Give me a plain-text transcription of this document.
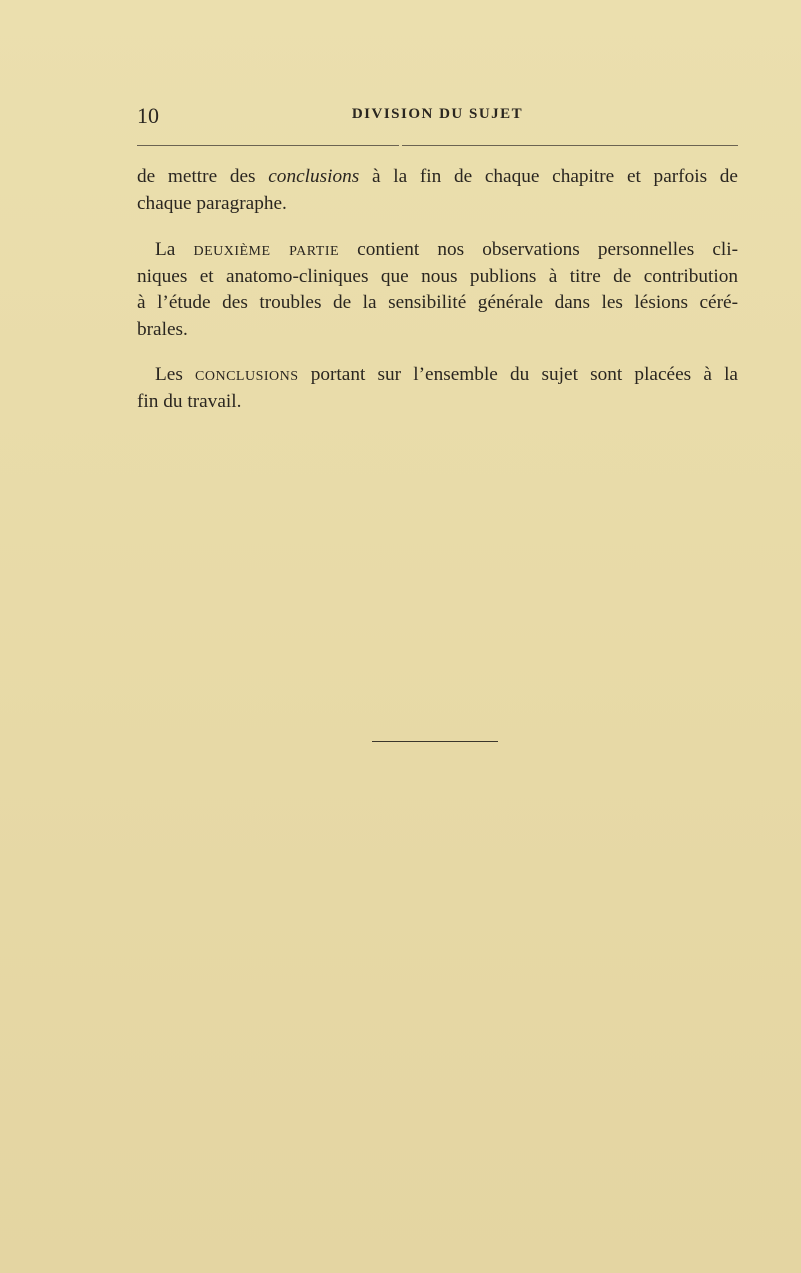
10	DIVISION DU SUJET
de mettre des conclusions à la fin de chaque chapitre et parfois de
chaque paragraphe.
La deuxième partie contient nos observations personnelles cli-
niques et anatomo-cliniques que nous publions à titre de contribution
à l’étude des troubles de la sensibilité générale dans les lésions céré-
brales.
Les conclusions portant sur l’ensemble du sujet sont placées à la
fin du travail.
